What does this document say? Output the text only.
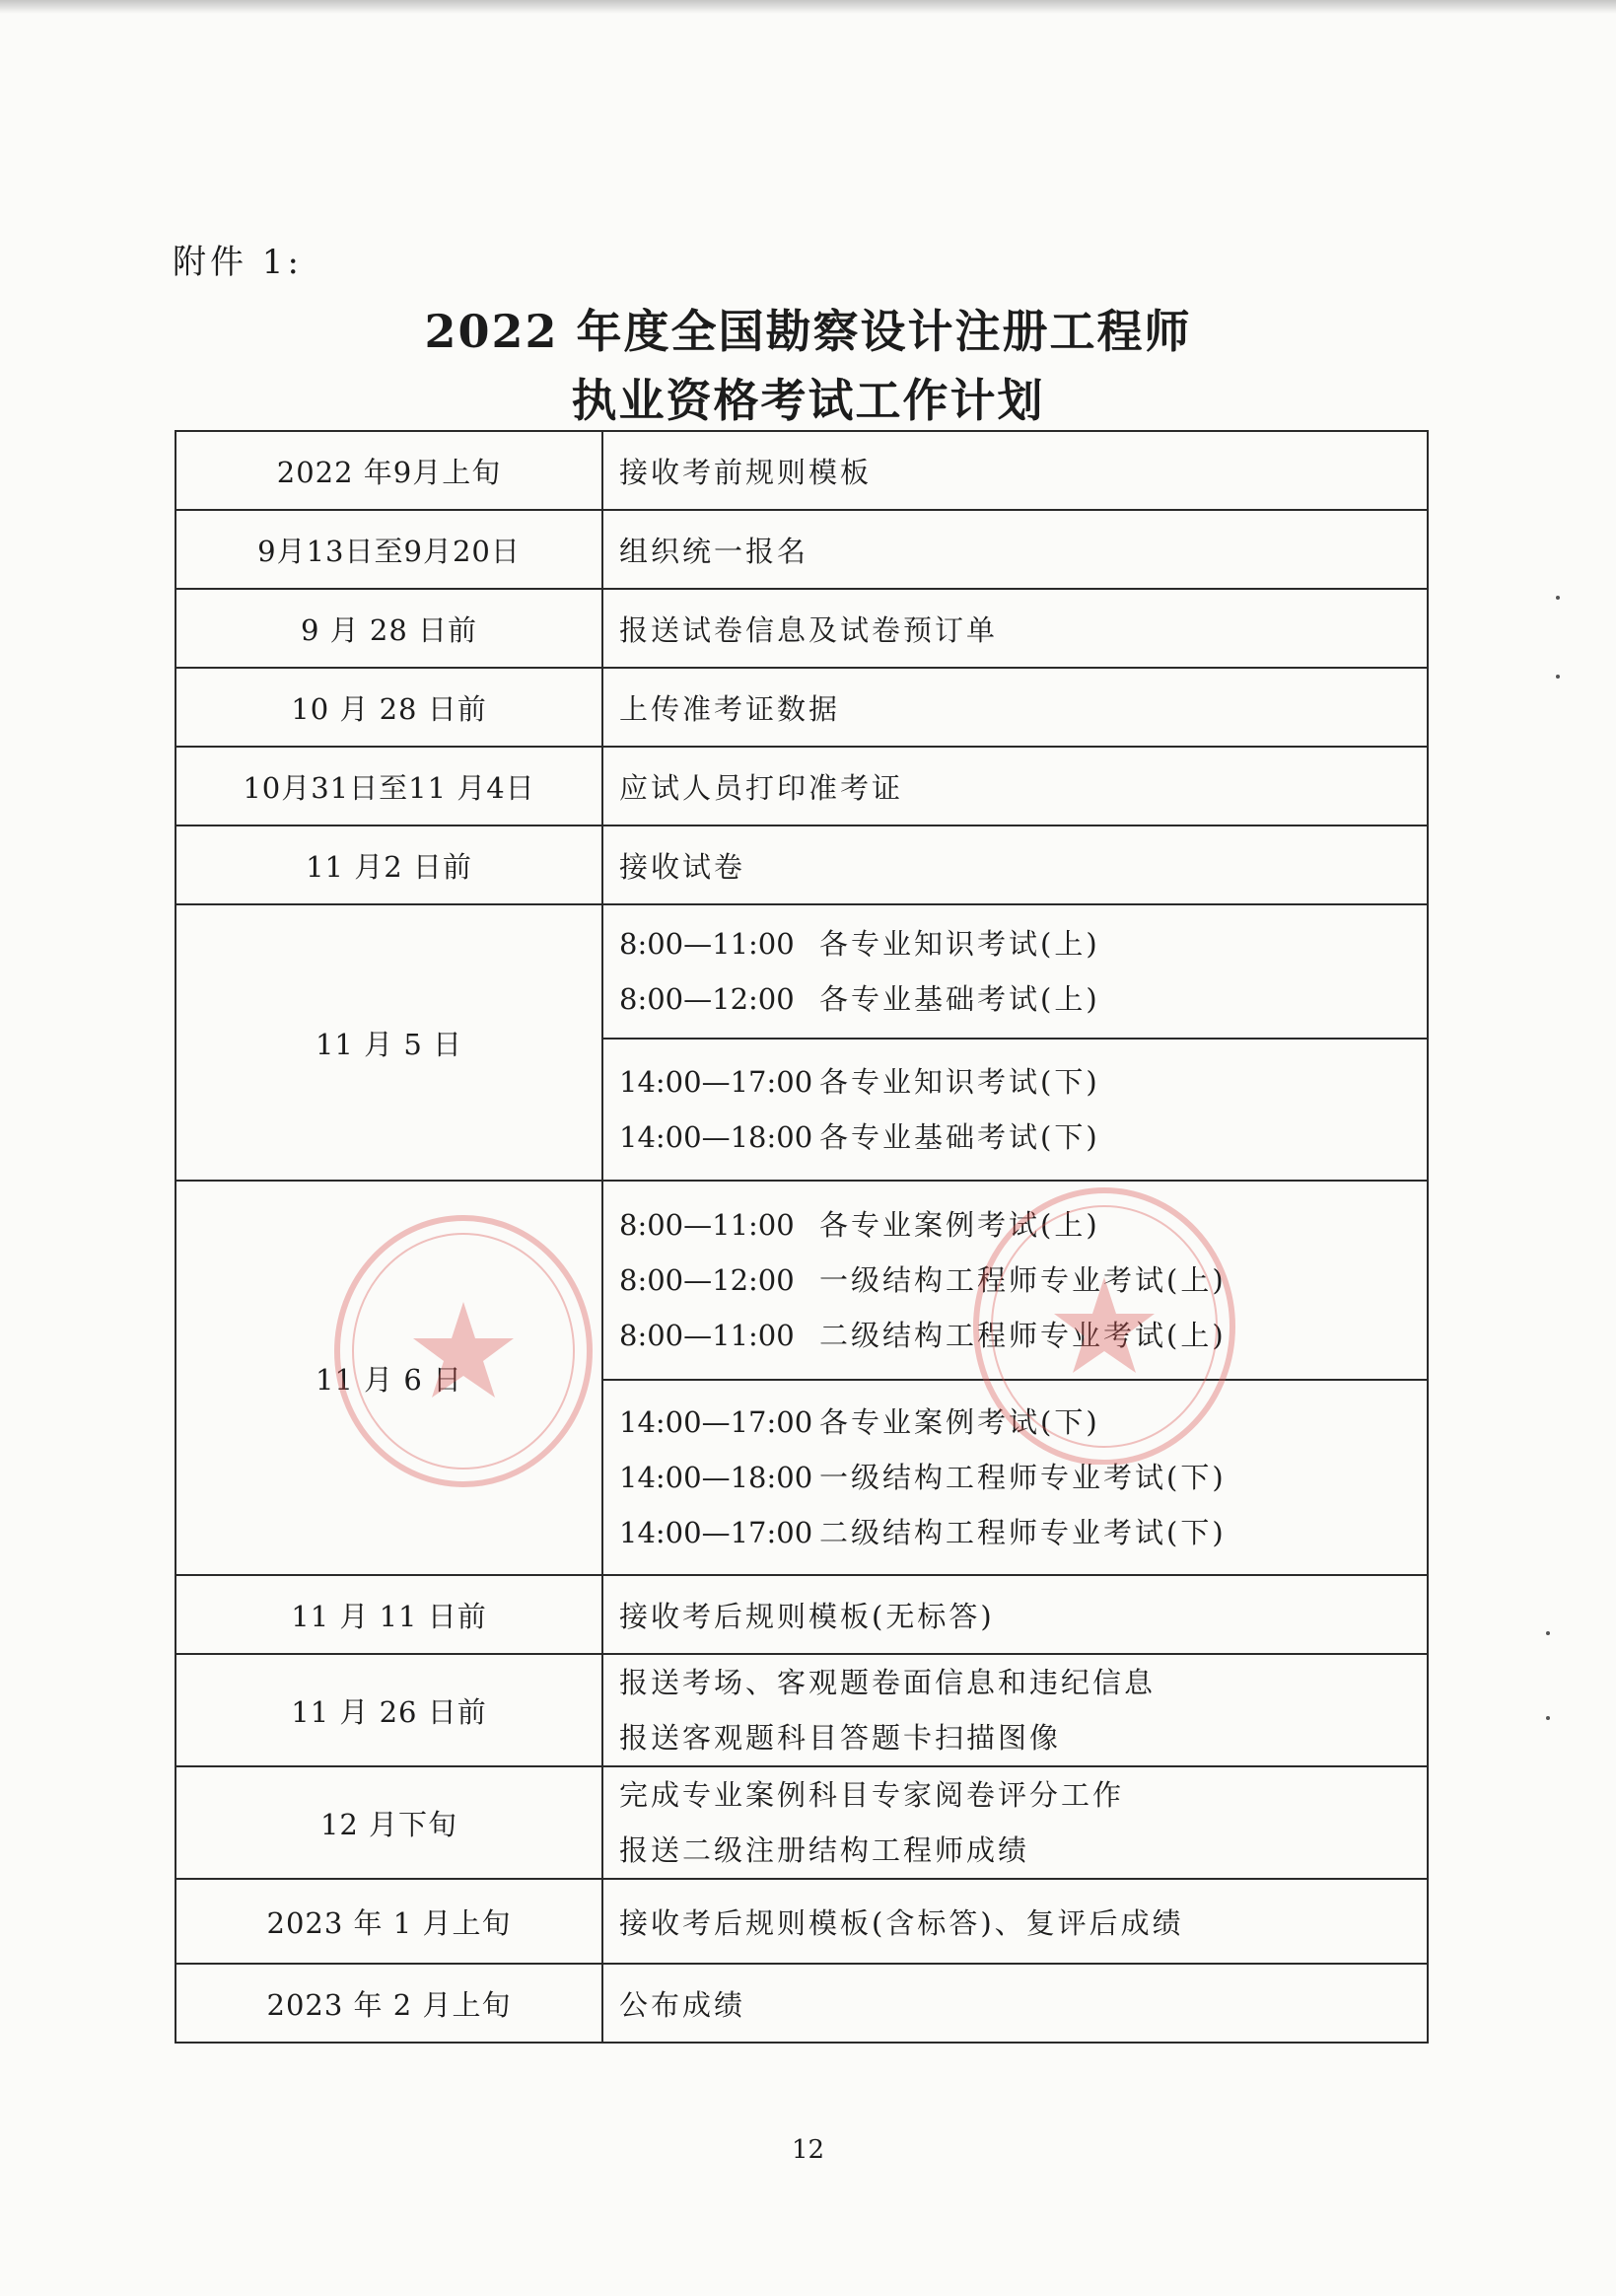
附件 1:

2022 年度全国勘察设计注册工程师
执业资格考试工作计划
2022 年9月上旬	接收考前规则模板
9月13日至9月20日	组织统一报名
9 月 28 日前	报送试卷信息及试卷预订单
10 月 28 日前	上传准考证数据
10月31日至11 月4日	应试人员打印准考证
11 月2 日前	接收试卷
11 月 5 日	8:00—11:00 各专业知识考试(上)
8:00—12:00 各专业基础考试(上)

	14:00—17:00 各专业知识考试(下)
14:00—18:00 各专业基础考试(下)

11 月 6 日	8:00—11:00 各专业案例考试(上)
8:00—12:00 一级结构工程师专业考试(上)
8:00—11:00 二级结构工程师专业考试(上)

	14:00—17:00 各专业案例考试(下)
14:00—18:00 一级结构工程师专业考试(下)
14:00—17:00 二级结构工程师专业考试(下)

11 月 11 日前	接收考后规则模板(无标答)
11 月 26 日前	报送考场、客观题卷面信息和违纪信息
报送客观题科目答题卡扫描图像

12 月下旬	完成专业案例科目专家阅卷评分工作
报送二级注册结构工程师成绩

2023 年 1 月上旬	接收考后规则模板(含标答)、复评后成绩
2023 年 2 月上旬	公布成绩

12
